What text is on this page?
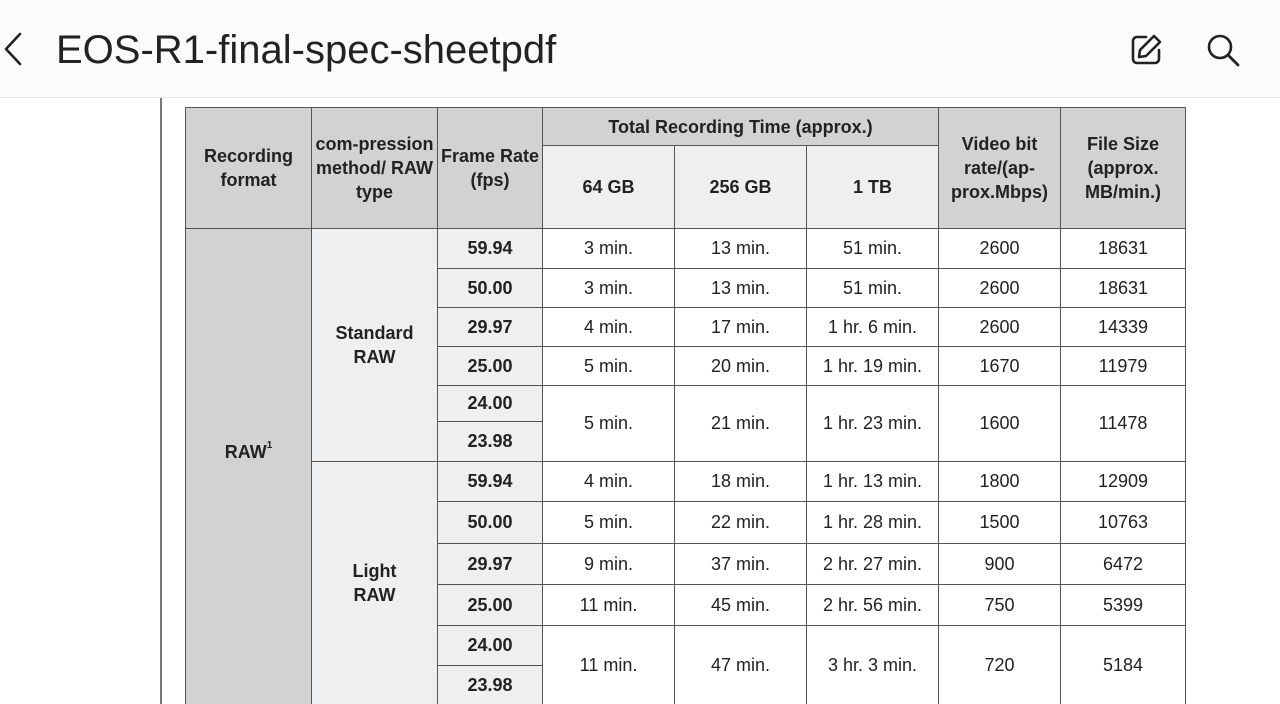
EOS-R1-final-spec-sheetpdf
Recording format	com-pression method/ RAW type	Frame Rate (fps)	Total Recording Time (approx.)			Video bit rate/(ap-prox.Mbps)	File Size (approx. MB/min.)
			64 GB	256 GB	1 TB		
RAW$^1$	Standard RAW	59.94	3 min.	13 min.	51 min.	2600	18631
		50.00	3 min.	13 min.	51 min.	2600	18631
		29.97	4 min.	17 min.	1 hr. 6 min.	2600	14339
		25.00	5 min.	20 min.	1 hr. 19 min.	1670	11979
		24.00	5 min.	21 min.	1 hr. 23 min.	1600	11478
		23.98					
	Light RAW	59.94	4 min.	18 min.	1 hr. 13 min.	1800	12909
		50.00	5 min.	22 min.	1 hr. 28 min.	1500	10763
		29.97	9 min.	37 min.	2 hr. 27 min.	900	6472
		25.00	11 min.	45 min.	2 hr. 56 min.	750	5399
		24.00	11 min.	47 min.	3 hr. 3 min.	720	5184
		23.98					
